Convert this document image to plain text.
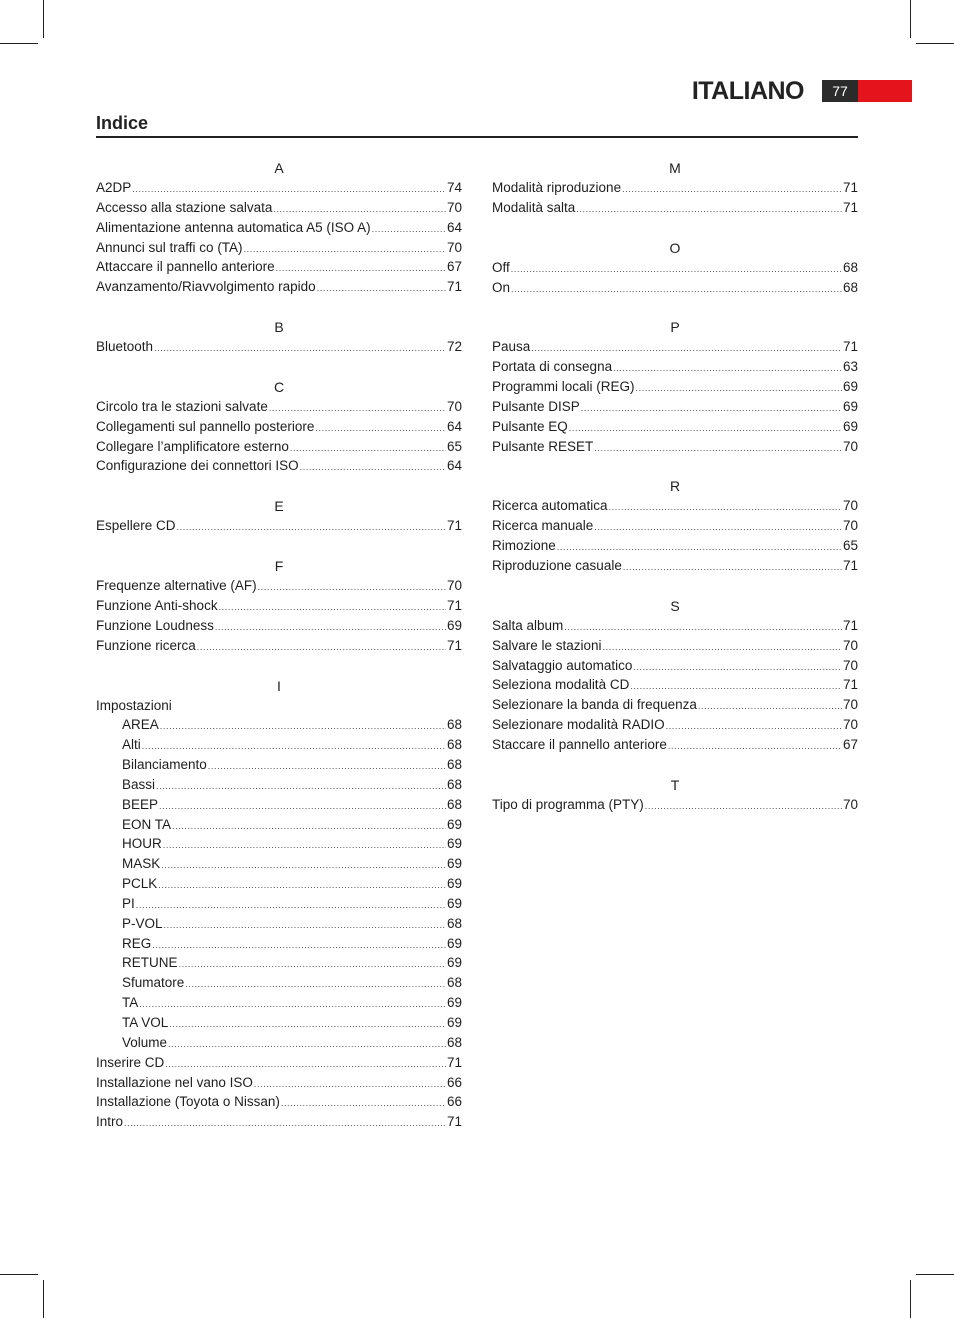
ITALIANO	77
Indice
A
A2DP .....	74
Accesso alla stazione salvata .....	70
Alimentazione antenna automatica A5 (ISO A) .....	64
Annunci sul traffi co (TA) .....	70
Attaccare il pannello anteriore .....	67
Avanzamento/Riavvolgimento rapido .....	71
B
Bluetooth .....	72
C
Circolo tra le stazioni salvate .....	70
Collegamenti sul pannello posteriore .....	64
Collegare l’amplificatore esterno .....	65
Configurazione dei connettori ISO .....	64
E
Espellere CD .....	71
F
Frequenze alternative (AF) .....	70
Funzione Anti-shock .....	71
Funzione Loudness .....	69
Funzione ricerca .....	71
I
Impostazioni
AREA .....	68
Alti .....	68
Bilanciamento .....	68
Bassi .....	68
BEEP .....	68
EON TA .....	69
HOUR .....	69
MASK .....	69
PCLK .....	69
PI .....	69
P-VOL .....	68
REG .....	69
RETUNE .....	69
Sfumatore .....	68
TA .....	69
TA VOL .....	69
Volume .....	68
Inserire CD .....	71
Installazione nel vano ISO .....	66
Installazione (Toyota o Nissan) .....	66
Intro .....	71
M
Modalità riproduzione .....	71
Modalità salta .....	71
O
Off .....	68
On .....	68
P
Pausa .....	71
Portata di consegna .....	63
Programmi locali (REG) .....	69
Pulsante DISP .....	69
Pulsante EQ .....	69
Pulsante RESET .....	70
R
Ricerca automatica .....	70
Ricerca manuale .....	70
Rimozione .....	65
Riproduzione casuale .....	71
S
Salta album .....	71
Salvare le stazioni .....	70
Salvataggio automatico .....	70
Seleziona modalità CD .....	71
Selezionare la banda di frequenza .....	70
Selezionare modalità RADIO .....	70
Staccare il pannello anteriore .....	67
T
Tipo di programma (PTY) .....	70
